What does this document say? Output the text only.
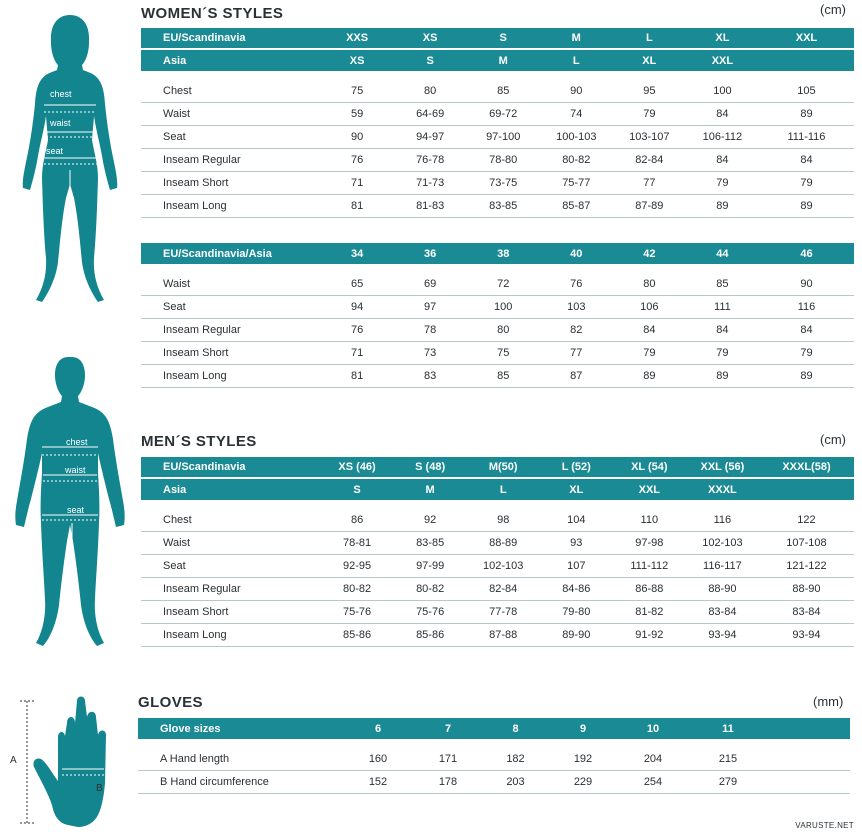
chest
waist
seat
inseam
chest
waist
seat
inseam
A
B
WOMEN´S STYLES	(cm)
EU/Scandinavia	XXS	XS	S	M	L	XL	XXL
Asia	XS	S	M	L	XL	XXL	

Chest	75	80	85	90	95	100	105
Waist	59	64-69	69-72	74	79	84	89
Seat	90	94-97	97-100	100-103	103-107	106-112	111-116
Inseam Regular	76	76-78	78-80	80-82	82-84	84	84
Inseam Short	71	71-73	73-75	75-77	77	79	79
Inseam Long	81	81-83	83-85	85-87	87-89	89	89
EU/Scandinavia/Asia	34	36	38	40	42	44	46

Waist	65	69	72	76	80	85	90
Seat	94	97	100	103	106	111	116
Inseam Regular	76	78	80	82	84	84	84
Inseam Short	71	73	75	77	79	79	79
Inseam Long	81	83	85	87	89	89	89
MEN´S STYLES	(cm)
EU/Scandinavia	XS (46)	S (48)	M(50)	L (52)	XL (54)	XXL (56)	XXXL(58)
Asia	S	M	L	XL	XXL	XXXL	

Chest	86	92	98	104	110	116	122
Waist	78-81	83-85	88-89	93	97-98	102-103	107-108
Seat	92-95	97-99	102-103	107	111-112	116-117	121-122
Inseam Regular	80-82	80-82	82-84	84-86	86-88	88-90	88-90
Inseam Short	75-76	75-76	77-78	79-80	81-82	83-84	83-84
Inseam Long	85-86	85-86	87-88	89-90	91-92	93-94	93-94
GLOVES	(mm)
Glove sizes	6	7	8	9	10	11	

A Hand length	160	171	182	192	204	215	
B Hand circumference	152	178	203	229	254	279	
VARUSTE.NET
